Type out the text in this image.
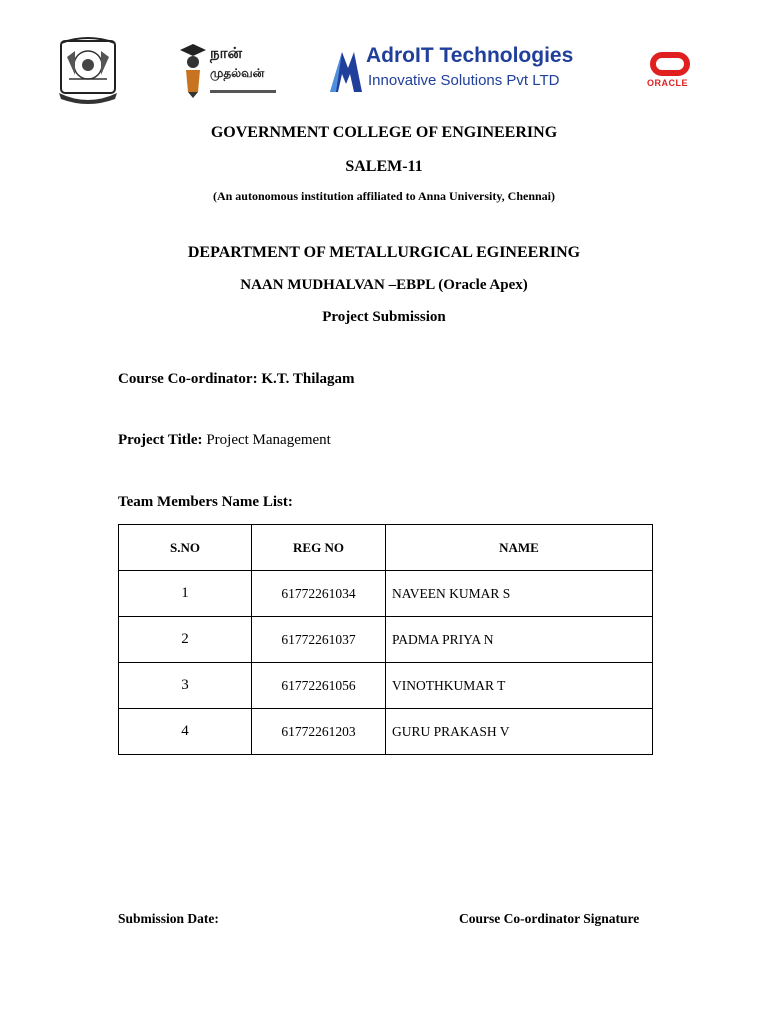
நான்
முதல்வன்
AdroIT Technologies
Innovative Solutions Pvt LTD	ORACLE
GOVERNMENT COLLEGE OF ENGINEERING
SALEM-11
(An autonomous institution affiliated to Anna University, Chennai)
DEPARTMENT OF METALLURGICAL EGINEERING
NAAN MUDHALVAN –EBPL (Oracle Apex)
Project Submission
Course Co-ordinator: K.T. Thilagam
Project Title: Project Management
Team Members Name List:
S.NO	REG NO	NAME
1	61772261034	NAVEEN KUMAR S
2	61772261037	PADMA PRIYA N
3	61772261056	VINOTHKUMAR T
4	61772261203	GURU PRAKASH V
Submission Date:	Course Co-ordinator Signature
